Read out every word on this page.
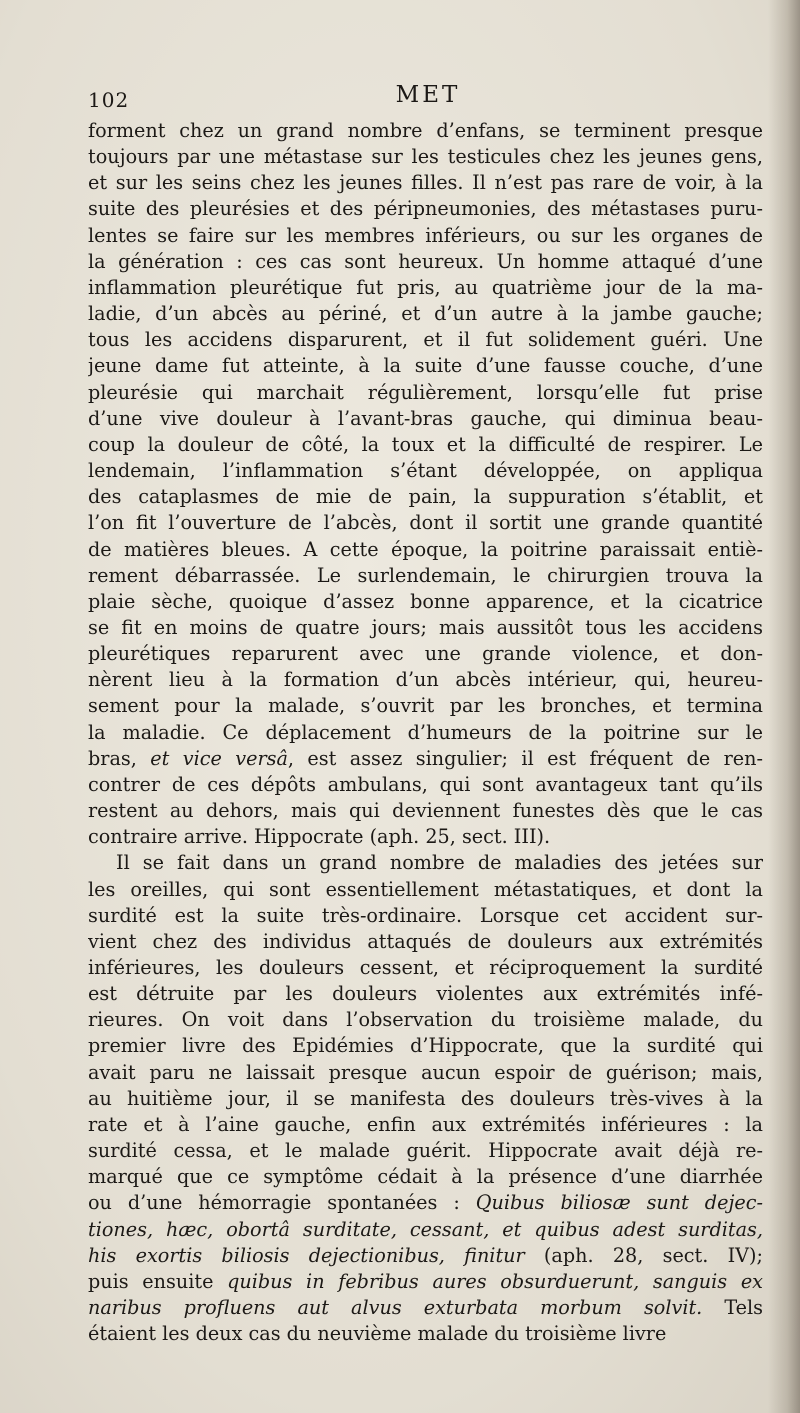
102	MET
forment chez un grand nombre d’enfans, se terminent presque
toujours par une métastase sur les testicules chez les jeunes gens,
et sur les seins chez les jeunes filles. Il n’est pas rare de voir, à la
suite des pleurésies et des péripneumonies, des métastases puru-
lentes se faire sur les membres inférieurs, ou sur les organes de
la génération : ces cas sont heureux. Un homme attaqué d’une
inflammation pleurétique fut pris, au quatrième jour de la ma-
ladie, d’un abcès au périné, et d’un autre à la jambe gauche;
tous les accidens disparurent, et il fut solidement guéri. Une
jeune dame fut atteinte, à la suite d’une fausse couche, d’une
pleurésie qui marchait régulièrement, lorsqu’elle fut prise
d’une vive douleur à l’avant-bras gauche, qui diminua beau-
coup la douleur de côté, la toux et la difficulté de respirer. Le
lendemain, l’inflammation s’étant développée, on appliqua
des cataplasmes de mie de pain, la suppuration s’établit, et
l’on fit l’ouverture de l’abcès, dont il sortit une grande quantité
de matières bleues. A cette époque, la poitrine paraissait entiè-
rement débarrassée. Le surlendemain, le chirurgien trouva la
plaie sèche, quoique d’assez bonne apparence, et la cicatrice
se fit en moins de quatre jours; mais aussitôt tous les accidens
pleurétiques reparurent avec une grande violence, et don-
nèrent lieu à la formation d’un abcès intérieur, qui, heureu-
sement pour la malade, s’ouvrit par les bronches, et termina
la maladie. Ce déplacement d’humeurs de la poitrine sur le
bras, et vice versâ, est assez singulier; il est fréquent de ren-
contrer de ces dépôts ambulans, qui sont avantageux tant qu’ils
restent au dehors, mais qui deviennent funestes dès que le cas
contraire arrive. Hippocrate (aph. 25, sect. III).
Il se fait dans un grand nombre de maladies des jetées sur
les oreilles, qui sont essentiellement métastatiques, et dont la
surdité est la suite très-ordinaire. Lorsque cet accident sur-
vient chez des individus attaqués de douleurs aux extrémités
inférieures, les douleurs cessent, et réciproquement la surdité
est détruite par les douleurs violentes aux extrémités infé-
rieures. On voit dans l’observation du troisième malade, du
premier livre des Epidémies d’Hippocrate, que la surdité qui
avait paru ne laissait presque aucun espoir de guérison; mais,
au huitième jour, il se manifesta des douleurs très-vives à la
rate et à l’aine gauche, enfin aux extrémités inférieures : la
surdité cessa, et le malade guérit. Hippocrate avait déjà re-
marqué que ce symptôme cédait à la présence d’une diarrhée
ou d’une hémorragie spontanées : Quibus biliosæ sunt dejec-
tiones, hæc, obortâ surditate, cessant, et quibus adest surditas,
his exortis biliosis dejectionibus, finitur (aph. 28, sect. IV);
puis ensuite quibus in febribus aures obsurduerunt, sanguis ex
naribus profluens aut alvus exturbata morbum solvit. Tels
étaient les deux cas du neuvième malade du troisième livre
